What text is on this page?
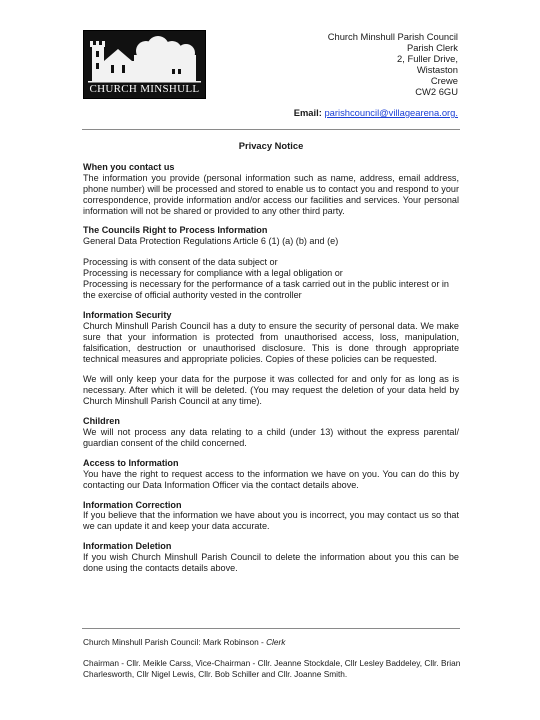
CHURCH MINSHULL
Church Minshull Parish Council
Parish Clerk
2, Fuller Drive,
Wistaston
Crewe
CW2 6GU
Email: parishcouncil@villagearena.org.
Privacy Notice
When you contact us
The information you provide (personal information such as name, address, email address, phone number) will be processed and stored to enable us to contact you and respond to your correspondence, provide information and/or access our facilities and services. Your personal information will not be shared or provided to any other third party.
The Councils Right to Process Information
General Data Protection Regulations Article 6 (1) (a) (b) and (e)
Processing is with consent of the data subject or
Processing is necessary for compliance with a legal obligation or
Processing is necessary for the performance of a task carried out in the public interest or in the exercise of official authority vested in the controller
Information Security
Church Minshull Parish Council has a duty to ensure the security of personal data. We make sure that your information is protected from unauthorised access, loss, manipulation, falsification, destruction or unauthorised disclosure. This is done through appropriate technical measures and appropriate policies. Copies of these policies can be requested.
We will only keep your data for the purpose it was collected for and only for as long as is necessary. After which it will be deleted. (You may request the deletion of your data held by Church Minshull Parish Council at any time).
Children
We will not process any data relating to a child (under 13) without the express parental/ guardian consent of the child concerned.
Access to Information
You have the right to request access to the information we have on you. You can do this by contacting our Data Information Officer via the contact details above.
Information Correction
If you believe that the information we have about you is incorrect, you may contact us so that we can update it and keep your data accurate.
Information Deletion
If you wish Church Minshull Parish Council to delete the information about you this can be done using the contacts details above.
Church Minshull Parish Council: Mark Robinson - Clerk
Chairman - Cllr. Meikle Carss, Vice-Chairman - Cllr. Jeanne Stockdale, Cllr Lesley Baddeley, Cllr. Brian Charlesworth, Cllr Nigel Lewis, Cllr. Bob Schiller and Cllr. Joanne Smith.
